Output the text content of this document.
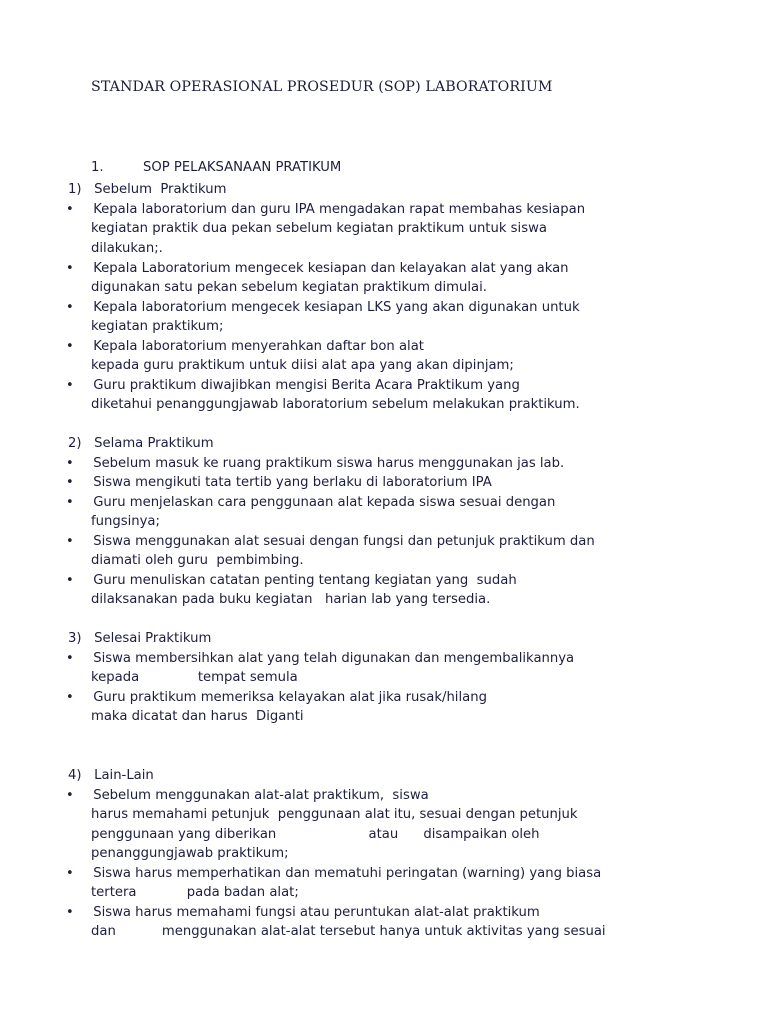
STANDAR OPERASIONAL PROSEDUR (SOP) LABORATORIUM
1.	SOP PELAKSANAAN PRATIKUM
1)   Sebelum  Praktikum
• Kepala laboratorium dan guru IPA mengadakan rapat membahas kesiapan
kegiatan praktik dua pekan sebelum kegiatan praktikum untuk siswa
dilakukan;.
• Kepala Laboratorium mengecek kesiapan dan kelayakan alat yang akan
digunakan satu pekan sebelum kegiatan praktikum dimulai.
• Kepala laboratorium mengecek kesiapan LKS yang akan digunakan untuk
kegiatan praktikum;
• Kepala laboratorium menyerahkan daftar bon alat
kepada guru praktikum untuk diisi alat apa yang akan dipinjam;
• Guru praktikum diwajibkan mengisi Berita Acara Praktikum yang
diketahui penanggungjawab laboratorium sebelum melakukan praktikum.
2)   Selama Praktikum
• Sebelum masuk ke ruang praktikum siswa harus menggunakan jas lab.
• Siswa mengikuti tata tertib yang berlaku di laboratorium IPA
• Guru menjelaskan cara penggunaan alat kepada siswa sesuai dengan
fungsinya;
• Siswa menggunakan alat sesuai dengan fungsi dan petunjuk praktikum dan
diamati oleh guru  pembimbing.
• Guru menuliskan catatan penting tentang kegiatan yang  sudah
dilaksanakan pada buku kegiatan   harian lab yang tersedia.
3)   Selesai Praktikum
• Siswa membersihkan alat yang telah digunakan dan mengembalikannya
kepada              tempat semula
• Guru praktikum memeriksa kelayakan alat jika rusak/hilang
maka dicatat dan harus  Diganti
4)   Lain-Lain
• Sebelum menggunakan alat-alat praktikum,  siswa
harus memahami petunjuk  penggunaan alat itu, sesuai dengan petunjuk
penggunaan yang diberikan                      atau      disampaikan oleh
penanggungjawab praktikum;
• Siswa harus memperhatikan dan mematuhi peringatan (warning) yang biasa
tertera            pada badan alat;
• Siswa harus memahami fungsi atau peruntukan alat-alat praktikum
dan           menggunakan alat-alat tersebut hanya untuk aktivitas yang sesuai
